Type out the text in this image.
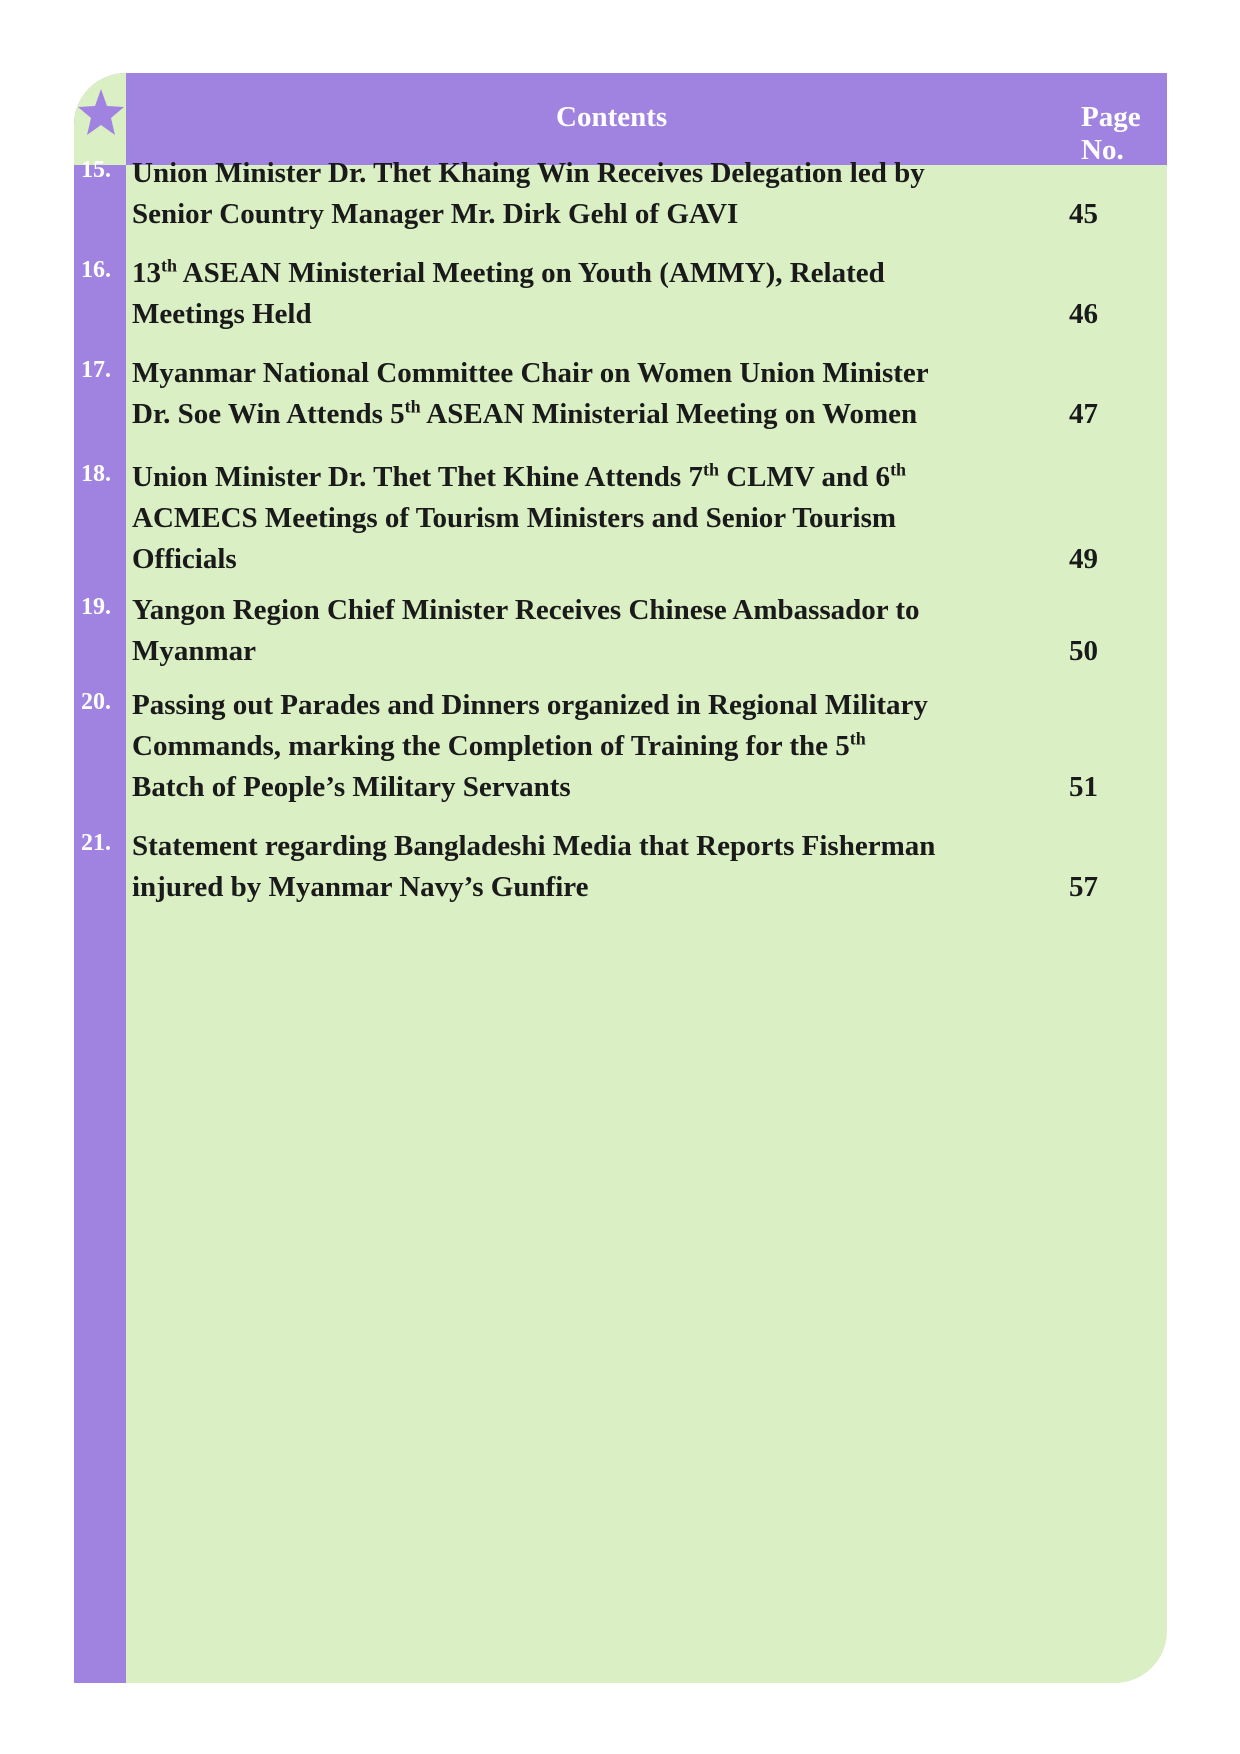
Contents	Page No.
15. Union Minister Dr. Thet Khaing Win Receives Delegation led by
Senior Country Manager Mr. Dirk Gehl of GAVI	45
16. 13th ASEAN Ministerial Meeting on Youth (AMMY), Related
Meetings Held	46
17. Myanmar National Committee Chair on Women Union Minister
Dr. Soe Win Attends 5th ASEAN Ministerial Meeting on Women	47
18. Union Minister Dr. Thet Thet Khine Attends 7th CLMV and 6th
ACMECS Meetings of Tourism Ministers and Senior Tourism
Officials	49
19. Yangon Region Chief Minister Receives Chinese Ambassador to
Myanmar	50
20. Passing out Parades and Dinners organized in Regional Military
Commands, marking the Completion of Training for the 5th
Batch of People’s Military Servants	51
21. Statement regarding Bangladeshi Media that Reports Fisherman
injured by Myanmar Navy’s Gunfire	57
